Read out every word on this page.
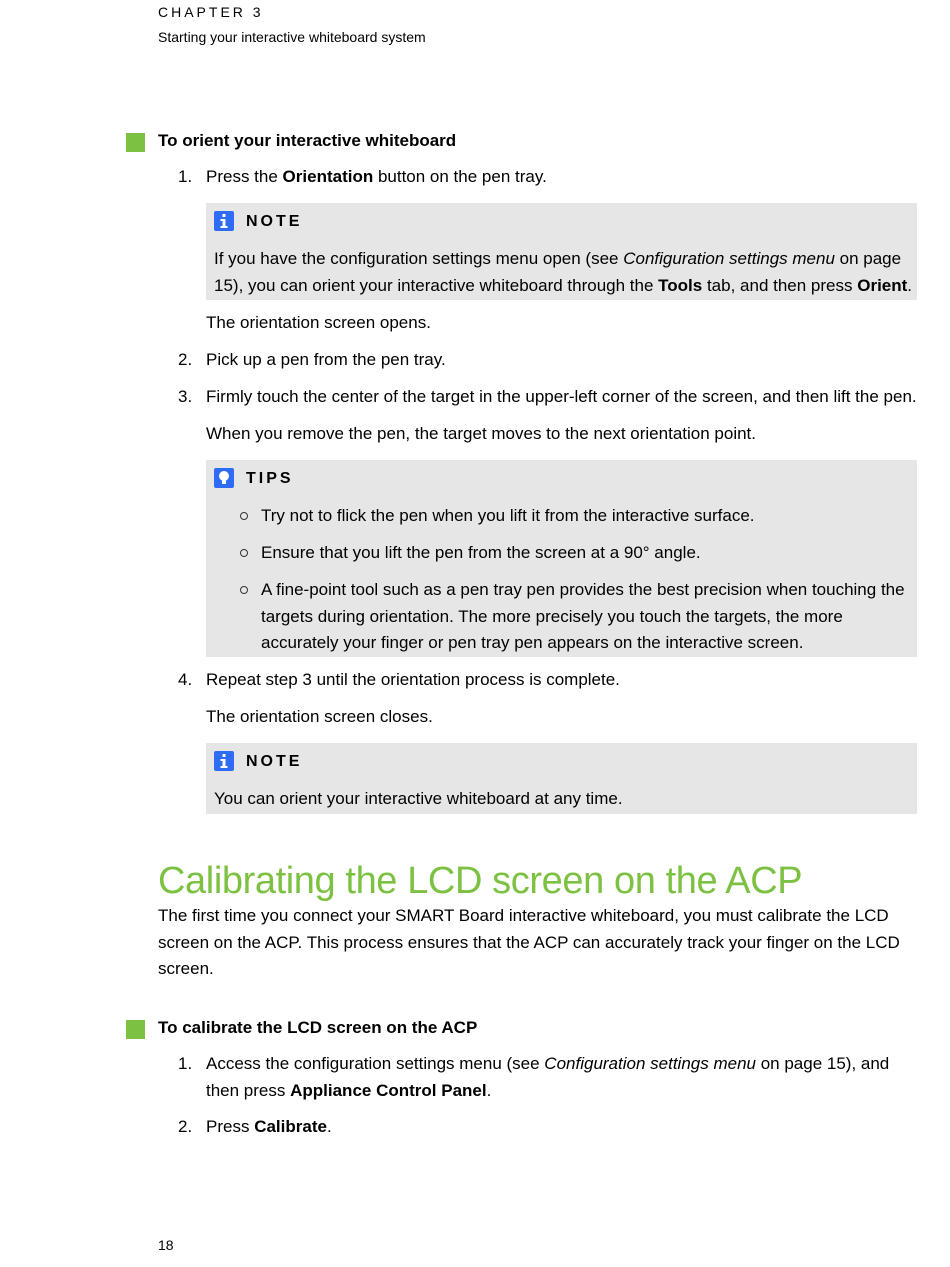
CHAPTER 3
Starting your interactive whiteboard system
To orient your interactive whiteboard
1. Press the Orientation button on the pen tray.
NOTE
If you have the configuration settings menu open (see Configuration settings menu on page
15), you can orient your interactive whiteboard through the Tools tab, and then press Orient.
The orientation screen opens.
2. Pick up a pen from the pen tray.
3. Firmly touch the center of the target in the upper-left corner of the screen, and then lift the pen.
When you remove the pen, the target moves to the next orientation point.
TIPS
Try not to flick the pen when you lift it from the interactive surface.
Ensure that you lift the pen from the screen at a 90° angle.
A fine-point tool such as a pen tray pen provides the best precision when touching the
targets during orientation. The more precisely you touch the targets, the more
accurately your finger or pen tray pen appears on the interactive screen.
4. Repeat step 3 until the orientation process is complete.
The orientation screen closes.
NOTE
You can orient your interactive whiteboard at any time.
Calibrating the LCD screen on the ACP
The first time you connect your SMART Board interactive whiteboard, you must calibrate the LCD
screen on the ACP. This process ensures that the ACP can accurately track your finger on the LCD
screen.
To calibrate the LCD screen on the ACP
1. Access the configuration settings menu (see Configuration settings menu on page 15), and
then press Appliance Control Panel.
2. Press Calibrate.
18
